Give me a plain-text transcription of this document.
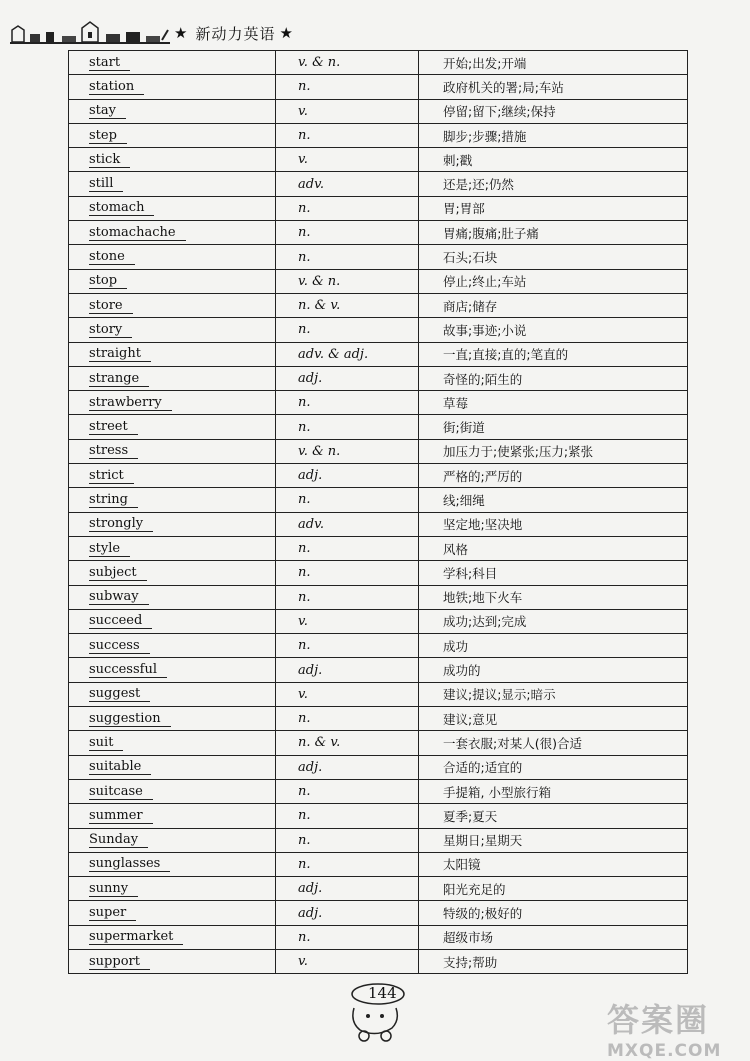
★ 新动力英语 ★
start	v. & n.	开始;出发;开端
station	n.	政府机关的署;局;车站
stay	v.	停留;留下;继续;保持
step	n.	脚步;步骤;措施
stick	v.	刺;戳
still	adv.	还是;还;仍然
stomach	n.	胃;胃部
stomachache	n.	胃痛;腹痛;肚子痛
stone	n.	石头;石块
stop	v. & n.	停止;终止;车站
store	n. & v.	商店;储存
story	n.	故事;事迹;小说
straight	adv. & adj.	一直;直接;直的;笔直的
strange	adj.	奇怪的;陌生的
strawberry	n.	草莓
street	n.	街;街道
stress	v. & n.	加压力于;使紧张;压力;紧张
strict	adj.	严格的;严厉的
string	n.	线;细绳
strongly	adv.	坚定地;坚决地
style	n.	风格
subject	n.	学科;科目
subway	n.	地铁;地下火车
succeed	v.	成功;达到;完成
success	n.	成功
successful	adj.	成功的
suggest	v.	建议;提议;显示;暗示
suggestion	n.	建议;意见
suit	n. & v.	一套衣服;对某人(很)合适
suitable	adj.	合适的;适宜的
suitcase	n.	手提箱, 小型旅行箱
summer	n.	夏季;夏天
Sunday	n.	星期日;星期天
sunglasses	n.	太阳镜
sunny	adj.	阳光充足的
super	adj.	特级的;极好的
supermarket	n.	超级市场
support	v.	支持;帮助
144
答案圈
MXQE.COM
